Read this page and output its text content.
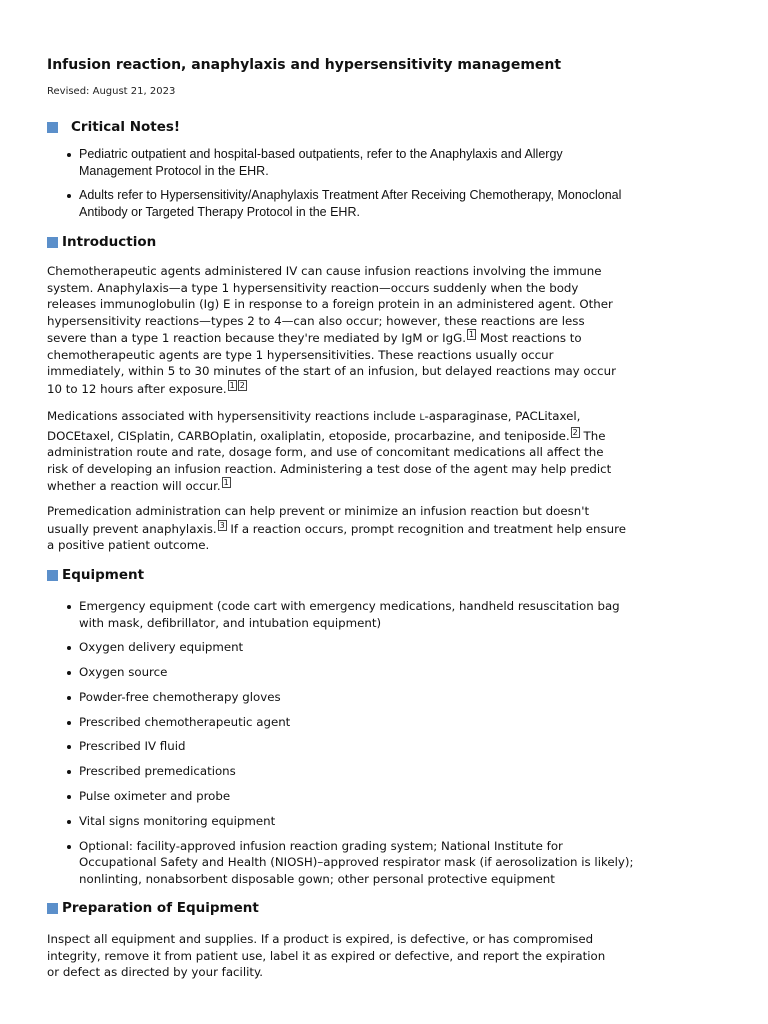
Infusion reaction, anaphylaxis and hypersensitivity management
Revised: August 21, 2023
Critical Notes!
Pediatric outpatient and hospital-based outpatients, refer to the Anaphylaxis and Allergy Management Protocol in the EHR.
Adults refer to Hypersensitivity/Anaphylaxis Treatment After Receiving Chemotherapy, Monoclonal Antibody or Targeted Therapy Protocol in the EHR.
Introduction

Chemotherapeutic agents administered IV can cause infusion reactions involving the immune system. Anaphylaxis—a type 1 hypersensitivity reaction—occurs suddenly when the body releases immunoglobulin (Ig) E in response to a foreign protein in an administered agent. Other hypersensitivity reactions—types 2 to 4—can also occur; however, these reactions are less severe than a type 1 reaction because they're mediated by IgM or IgG. 1 Most reactions to chemotherapeutic agents are type 1 hypersensitivities. These reactions usually occur immediately, within 5 to 30 minutes of the start of an infusion, but delayed reactions may occur 10 to 12 hours after exposure. 1 2

Medications associated with hypersensitivity reactions include L-asparaginase, PACLitaxel, DOCEtaxel, CISplatin, CARBOplatin, oxaliplatin, etoposide, procarbazine, and teniposide. 2 The administration route and rate, dosage form, and use of concomitant medications all affect the risk of developing an infusion reaction. Administering a test dose of the agent may help predict whether a reaction will occur. 1

Premedication administration can help prevent or minimize an infusion reaction but doesn't usually prevent anaphylaxis. 3 If a reaction occurs, prompt recognition and treatment help ensure a positive patient outcome.

Equipment
Emergency equipment (code cart with emergency medications, handheld resuscitation bag with mask, defibrillator, and intubation equipment)
Oxygen delivery equipment
Oxygen source
Powder-free chemotherapy gloves
Prescribed chemotherapeutic agent
Prescribed IV fluid
Prescribed premedications
Pulse oximeter and probe
Vital signs monitoring equipment
Optional: facility-approved infusion reaction grading system; National Institute for Occupational Safety and Health (NIOSH)–approved respirator mask (if aerosolization is likely); nonlinting, nonabsorbent disposable gown; other personal protective equipment
Preparation of Equipment

Inspect all equipment and supplies. If a product is expired, is defective, or has compromised integrity, remove it from patient use, label it as expired or defective, and report the expiration or defect as directed by your facility.
